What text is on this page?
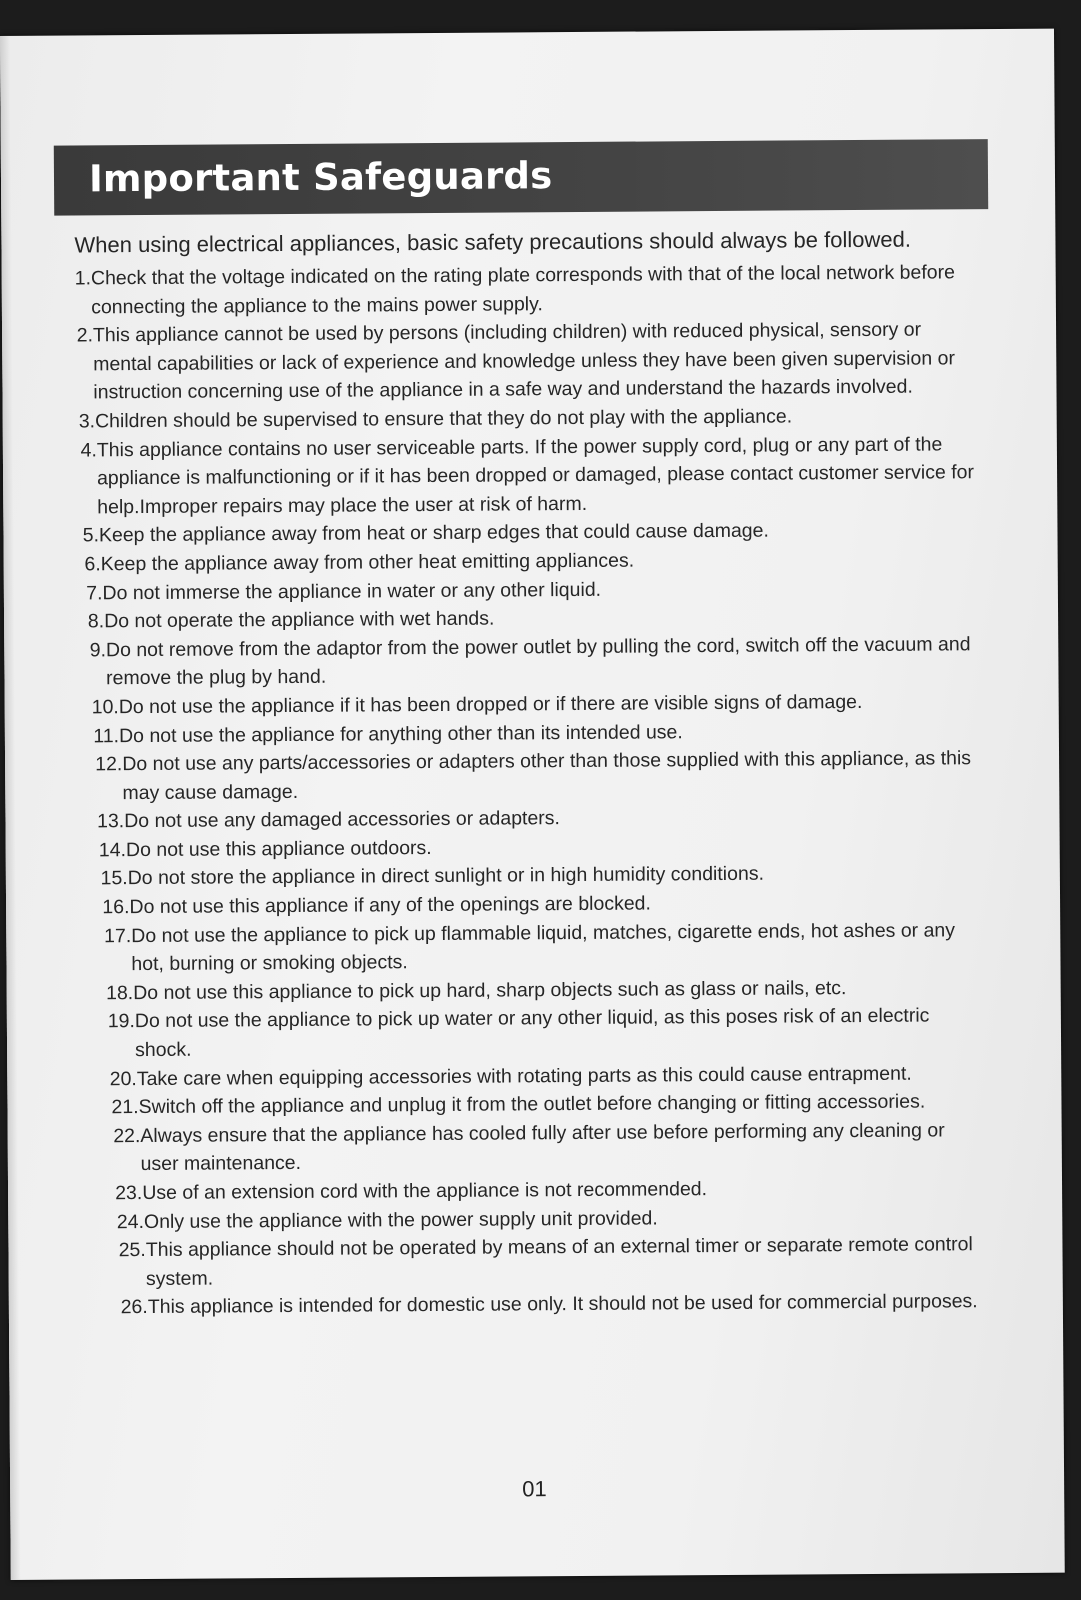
Important Safeguards

When using electrical appliances, basic safety precautions should always be followed.

1. Check that the voltage indicated on the rating plate corresponds with that of the local network before connecting the appliance to the mains power supply.
2. This appliance cannot be used by persons (including children) with reduced physical, sensory or mental capabilities or lack of experience and knowledge unless they have been given supervision or instruction concerning use of the appliance in a safe way and understand the hazards involved.
3. Children should be supervised to ensure that they do not play with the appliance.
4. This appliance contains no user serviceable parts. If the power supply cord, plug or any part of the appliance is malfunctioning or if it has been dropped or damaged, please contact customer service for help.Improper repairs may place the user at risk of harm.
5. Keep the appliance away from heat or sharp edges that could cause damage.
6. Keep the appliance away from other heat emitting appliances.
7. Do not immerse the appliance in water or any other liquid.
8. Do not operate the appliance with wet hands.
9. Do not remove from the adaptor from the power outlet by pulling the cord, switch off the vacuum and remove the plug by hand.
10. Do not use the appliance if it has been dropped or if there are visible signs of damage.
11. Do not use the appliance for anything other than its intended use.
12. Do not use any parts/accessories or adapters other than those supplied with this appliance, as this may cause damage.
13. Do not use any damaged accessories or adapters.
14. Do not use this appliance outdoors.
15. Do not store the appliance in direct sunlight or in high humidity conditions.
16. Do not use this appliance if any of the openings are blocked.
17. Do not use the appliance to pick up flammable liquid, matches, cigarette ends, hot ashes or any hot, burning or smoking objects.
18. Do not use this appliance to pick up hard, sharp objects such as glass or nails, etc.
19. Do not use the appliance to pick up water or any other liquid, as this poses risk of an electric shock.
20. Take care when equipping accessories with rotating parts as this could cause entrapment.
21. Switch off the appliance and unplug it from the outlet before changing or fitting accessories.
22. Always ensure that the appliance has cooled fully after use before performing any cleaning or user maintenance.
23. Use of an extension cord with the appliance is not recommended.
24. Only use the appliance with the power supply unit provided.
25. This appliance should not be operated by means of an external timer or separate remote control system.
26. This appliance is intended for domestic use only. It should not be used for commercial purposes.

01
